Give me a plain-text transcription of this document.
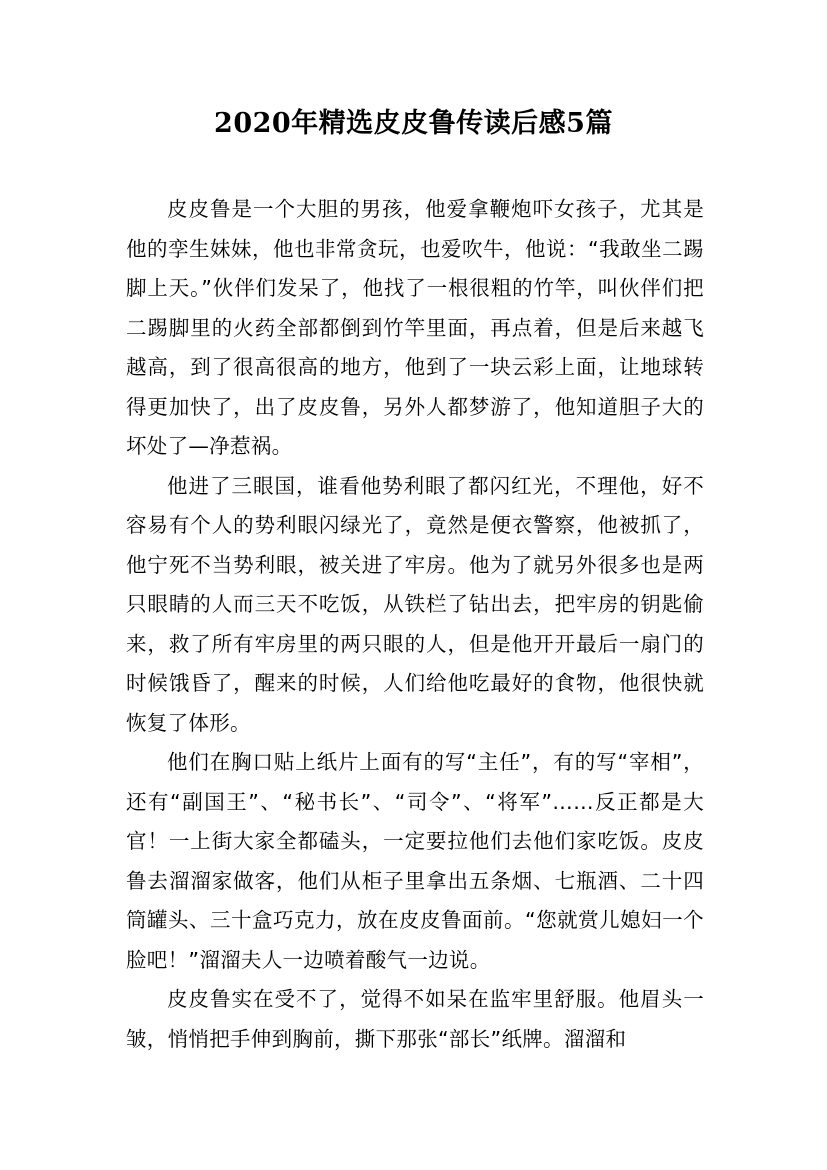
2020年精选皮皮鲁传读后感5篇

皮皮鲁是一个大胆的男孩，他爱拿鞭炮吓女孩子，尤其是他的孪生妹妹，他也非常贪玩，也爱吹牛，他说：“我敢坐二踢脚上天。”伙伴们发呆了，他找了一根很粗的竹竿，叫伙伴们把二踢脚里的火药全部都倒到竹竿里面，再点着，但是后来越飞越高，到了很高很高的地方，他到了一块云彩上面，让地球转得更加快了，出了皮皮鲁，另外人都梦游了，他知道胆子大的坏处了—净惹祸。

他进了三眼国，谁看他势利眼了都闪红光，不理他，好不容易有个人的势利眼闪绿光了，竟然是便衣警察，他被抓了，他宁死不当势利眼，被关进了牢房。他为了就另外很多也是两只眼睛的人而三天不吃饭，从铁栏了钻出去，把牢房的钥匙偷来，救了所有牢房里的两只眼的人，但是他开开最后一扇门的时候饿昏了，醒来的时候，人们给他吃最好的食物，他很快就恢复了体形。

他们在胸口贴上纸片上面有的写“主任”，有的写“宰相”，还有“副国王”、“秘书长”、“司令”、“将军”……反正都是大官！一上街大家全都磕头，一定要拉他们去他们家吃饭。皮皮鲁去溜溜家做客，他们从柜子里拿出五条烟、七瓶酒、二十四筒罐头、三十盒巧克力，放在皮皮鲁面前。“您就赏儿媳妇一个脸吧！”溜溜夫人一边喷着酸气一边说。

皮皮鲁实在受不了，觉得不如呆在监牢里舒服。他眉头一皱，悄悄把手伸到胸前，撕下那张“部长”纸牌。溜溜和
